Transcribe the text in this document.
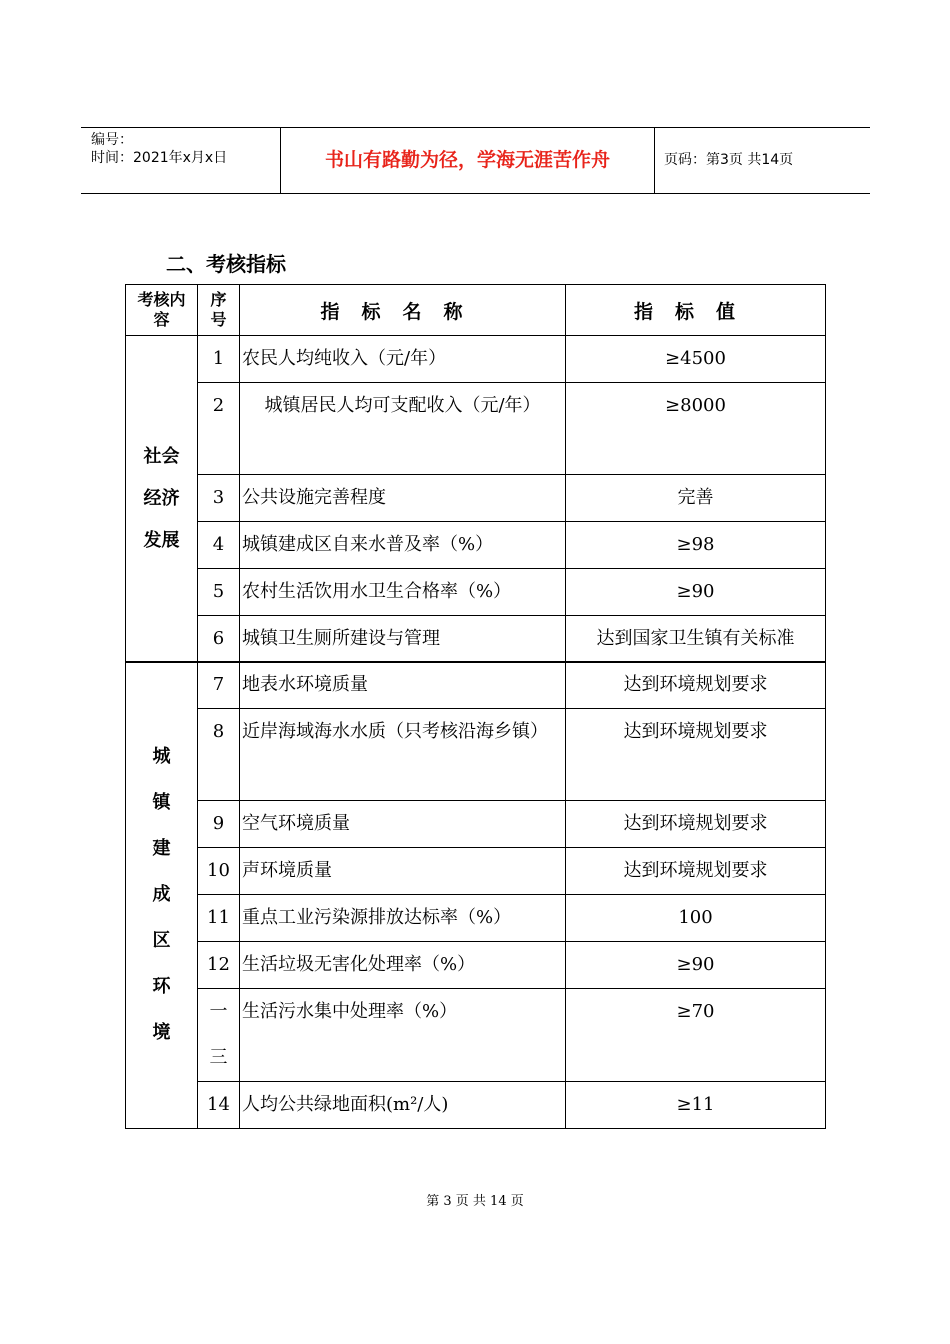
编号：
时间：2021年x月x日	书山有路勤为径，学海无涯苦作舟	页码：第3页 共14页
二、考核指标
考核内容	序号	指标名称	指标值

社会经济发展	1	农民人均纯收入（元/年）	≥4500
	2	城镇居民人均可支配收入（元/年）	≥8000
	3	公共设施完善程度	完善
	4	城镇建成区自来水普及率（%）	≥98
	5	农村生活饮用水卫生合格率（%）	≥90
	6	城镇卫生厕所建设与管理	达到国家卫生镇有关标准
城镇建成区环境	7	地表水环境质量	达到环境规划要求
	8	近岸海域海水水质（只考核沿海乡镇）	达到环境规划要求
	9	空气环境质量	达到环境规划要求
	10	声环境质量	达到环境规划要求
	11	重点工业污染源排放达标率（%）	100
	12	生活垃圾无害化处理率（%）	≥90

	一三	生活污水集中处理率（%）	≥70
	14	人均公共绿地面积(m²/人)	≥11
第 3 页 共 14 页
